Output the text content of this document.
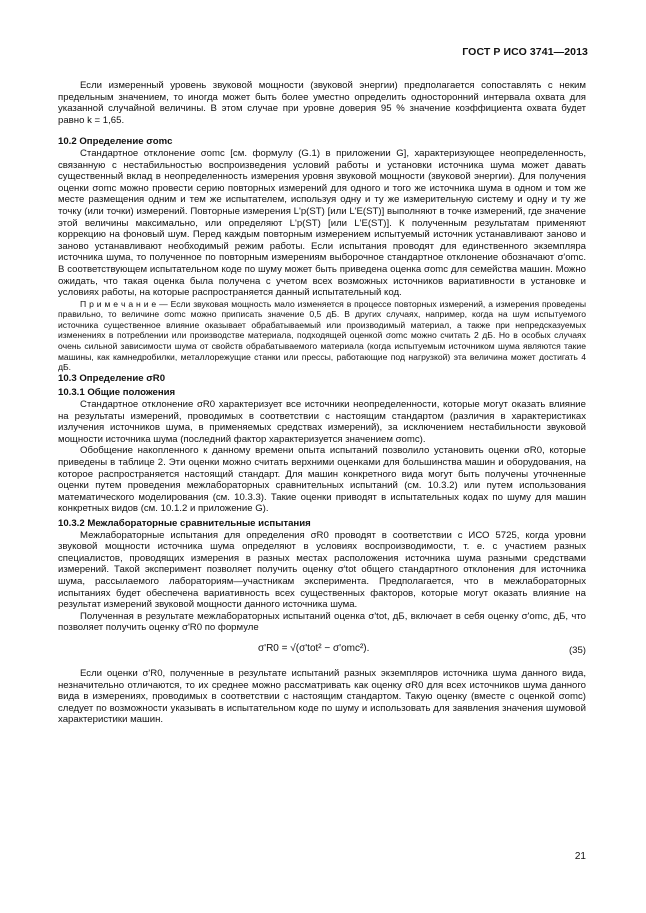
ГОСТ Р ИСО 3741—2013

Если измеренный уровень звуковой мощности (звуковой энергии) предполагается сопоставлять с неким предельным значением, то иногда может быть более уместно определить односторонний интервала охвата для указанной случайной величины. В этом случае при уровне доверия 95 % значение коэффициента охвата будет равно k = 1,65.

10.2 Определение σomc

Стандартное отклонение σomc [см. формулу (G.1) в приложении G], характеризующее неопределенность, связанную с нестабильностью воспроизведения условий работы и установки источника шума может давать существенный вклад в неопределенность измерения уровня звуковой мощности (звуковой энергии). Для получения оценки σomc можно провести серию повторных измерений для одного и того же источника шума в одном и том же месте размещения одним и тем же испытателем, используя одну и ту же измерительную систему и одну и ту же точку (или точки) измерений. Повторные измерения L'p(ST) [или L'E(ST)] выполняют в точке измерений, где значение этой величины максимально, или определяют L'p(ST) [или L'E(ST)]. К полученным результатам применяют коррекцию на фоновый шум. Перед каждым повторным измерением испытуемый источник устанавливают заново и заново устанавливают необходимый режим работы. Если испытания проводят для единственного экземпляра источника шума, то полученное по повторным измерениям выборочное стандартное отклонение обозначают σ'omc. В соответствующем испытательном коде по шуму может быть приведена оценка σomc для семейства машин. Можно ожидать, что такая оценка была получена с учетом всех возможных источников вариативности в установке и условиях работы, на которые распространяется данный испытательный код.

П р и м е ч а н и е — Если звуковая мощность мало изменяется в процессе повторных измерений, а измерения проведены правильно, то величине σomc можно приписать значение 0,5 дБ. В других случаях, например, когда на шум испытуемого источника существенное влияние оказывает обрабатываемый или производимый материал, а также при непредсказуемых изменениях в потреблении или производстве материала, подходящей оценкой σomc можно считать 2 дБ. Но в особых случаях очень сильной зависимости шума от свойств обрабатываемого материала (когда испытуемым источником шума являются такие машины, как камнедробилки, металлорежущие станки или прессы, работающие под нагрузкой) эта величина может достигать 4 дБ.

10.3 Определение σR0

10.3.1 Общие положения

Стандартное отклонение σR0 характеризует все источники неопределенности, которые могут оказать влияние на результаты измерений, проводимых в соответствии с настоящим стандартом (различия в характеристиках излучения источников шума, в применяемых средствах измерений), за исключением нестабильности звуковой мощности источника шума (последний фактор характеризуется значением σomc).

Обобщение накопленного к данному времени опыта испытаний позволило установить оценки σR0, которые приведены в таблице 2. Эти оценки можно считать верхними оценками для большинства машин и оборудования, на которое распространяется настоящий стандарт. Для машин конкретного вида могут быть получены уточненные оценки путем проведения межлабораторных сравнительных испытаний (см. 10.3.2) или путем использования математического моделирования (см. 10.3.3). Такие оценки приводят в испытательных кодах по шуму для машин конкретных видов (см. 10.1.2 и приложение G).

10.3.2 Межлабораторные сравнительные испытания

Межлабораторные испытания для определения σR0 проводят в соответствии с ИСО 5725, когда уровни звуковой мощности источника шума определяют в условиях воспроизводимости, т. е. с участием разных специалистов, проводящих измерения в разных местах расположения источника шума разными средствами измерений. Такой эксперимент позволяет получить оценку σ'tot общего стандартного отклонения для источника шума, рассылаемого лабораториям—участникам эксперимента. Предполагается, что в межлабораторных испытаниях будет обеспечена вариативность всех существенных факторов, которые могут оказать влияние на результат измерений звуковой мощности данного источника шума.

Полученная в результате межлабораторных испытаний оценка σ'tot, дБ, включает в себя оценку σ'omc, дБ, что позволяет получить оценку σ'R0 по формуле

σ'R0 = √(σ'tot² − σ'omc²).	(35)

Если оценки σ'R0, полученные в результате испытаний разных экземпляров источника шума данного вида, незначительно отличаются, то их среднее можно рассматривать как оценку σR0 для всех источников шума данного вида в измерениях, проводимых в соответствии с настоящим стандартом. Такую оценку (вместе с оценкой σomc) следует по возможности указывать в испытательном коде по шуму и использовать для заявления значения шумовой характеристики машин.

21
